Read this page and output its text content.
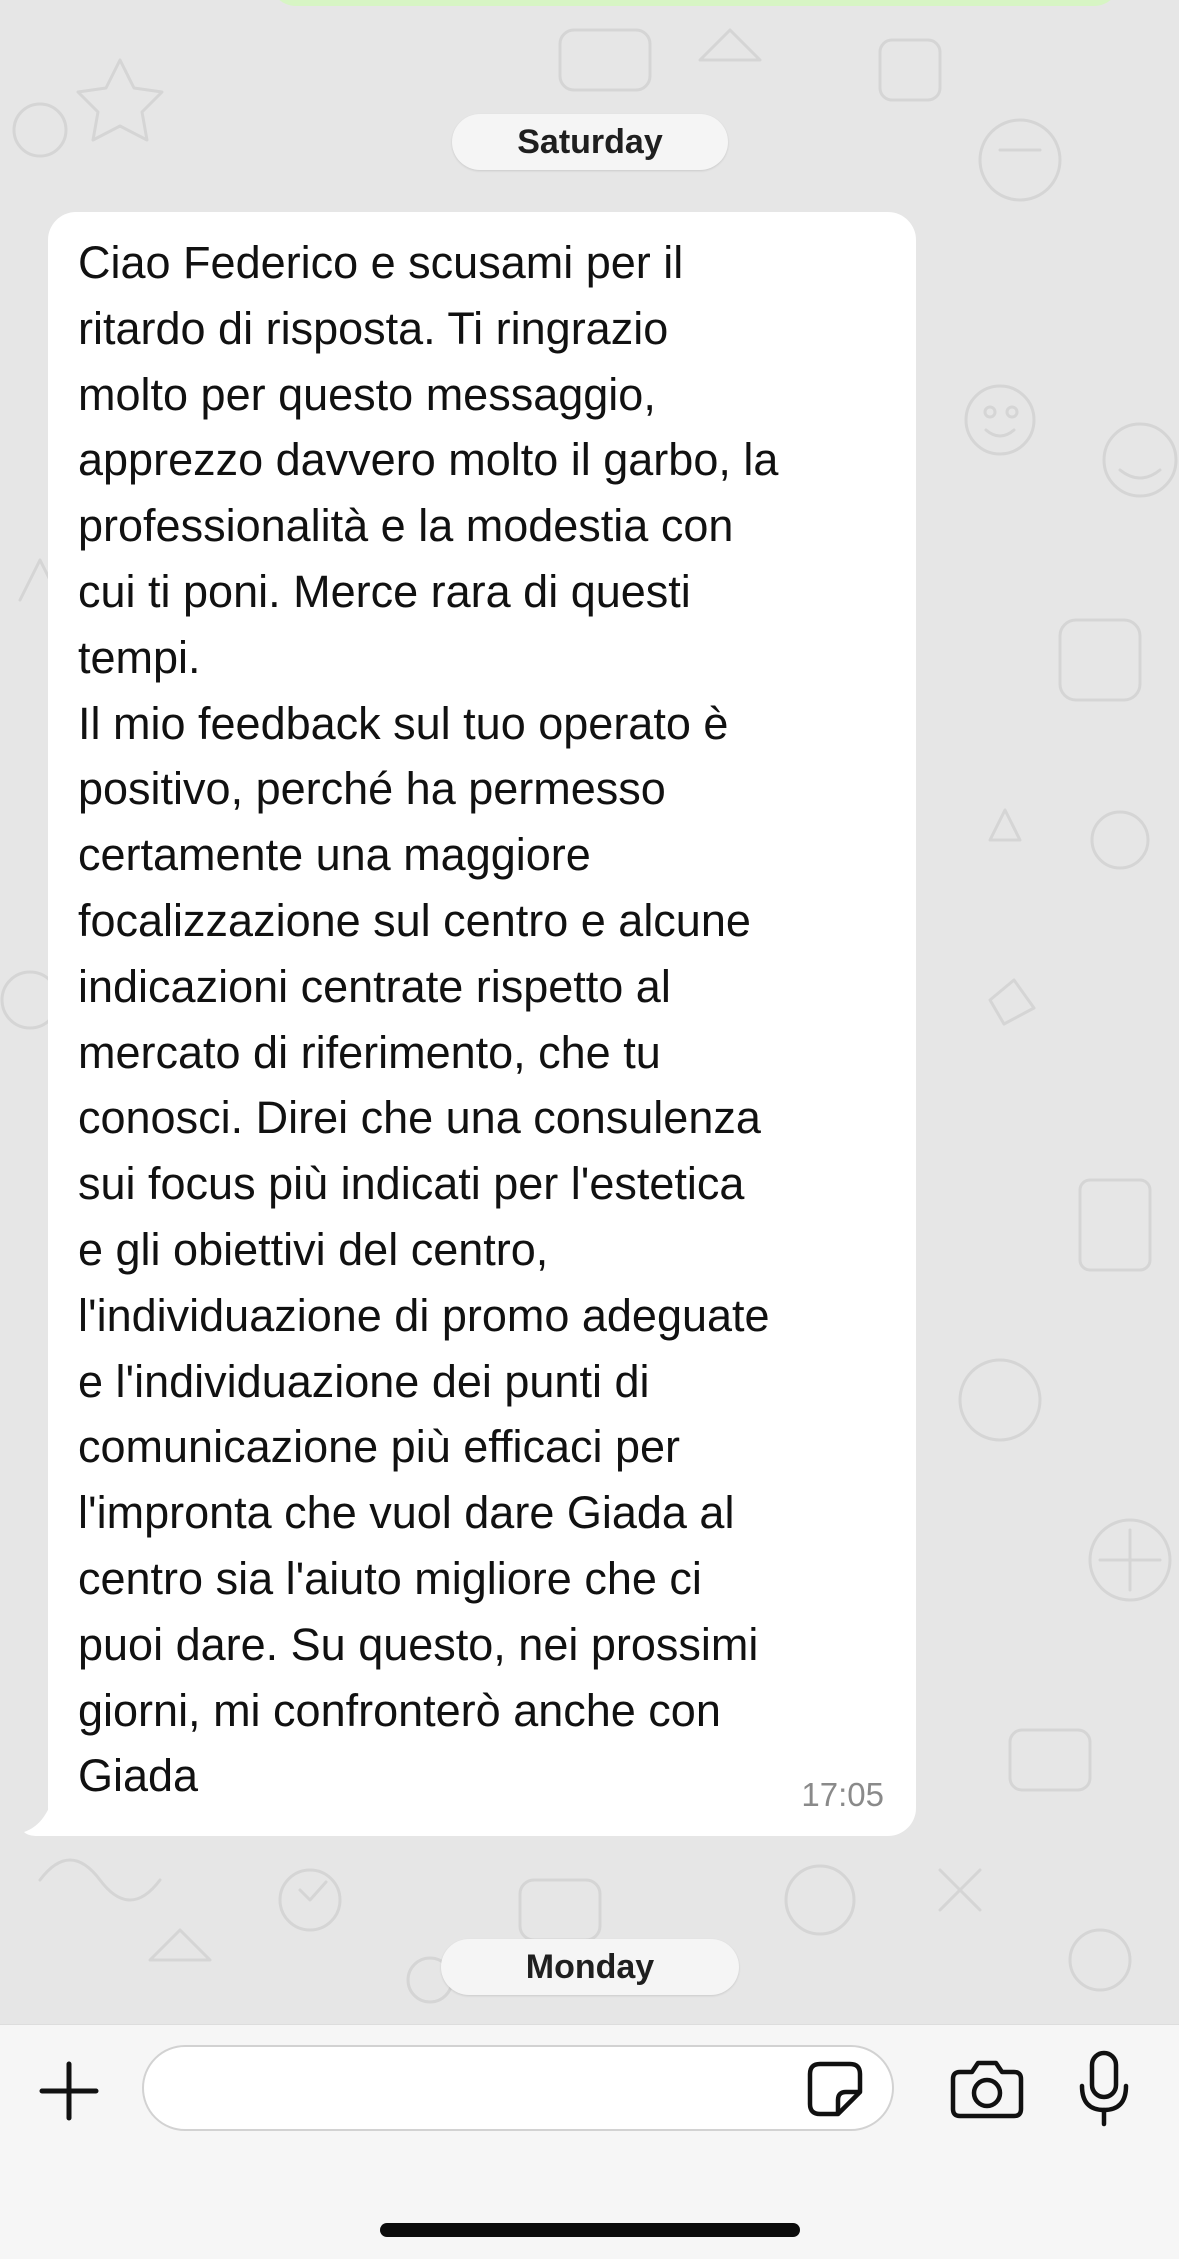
Saturday

Ciao Federico e scusami per il
ritardo di risposta. Ti ringrazio
molto per questo messaggio,
apprezzo davvero molto il garbo, la
professionalità e la modestia con
cui ti poni. Merce rara di questi
tempi.
Il mio feedback sul tuo operato è
positivo, perché ha permesso
certamente una maggiore
focalizzazione sul centro e alcune
indicazioni centrate rispetto al
mercato di riferimento, che tu
conosci. Direi che una consulenza
sui focus più indicati per l'estetica
e gli obiettivi del centro,
l'individuazione di promo adeguate
e l'individuazione dei punti di
comunicazione più efficaci per
l'impronta che vuol dare Giada al
centro sia l'aiuto migliore che ci
puoi dare. Su questo, nei prossimi
giorni, mi confronterò anche con
Giada	17:05
Monday
